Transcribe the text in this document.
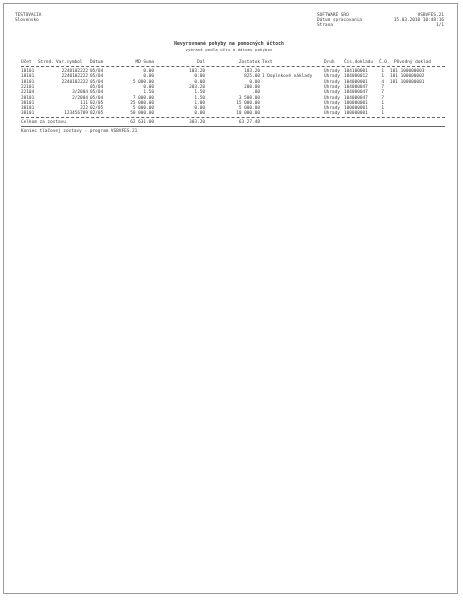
TESTOVACIA
Slovensko
SOFTWARE SRO	VSBVFES.21
Dátum spracovania	15.03.2010 10:48:16
Strana	1/1
Nevyrovnané pohyby na pomocných účtoch
vybrané podľa účtu a dátumu pohybov
Účet Stred. Var.symbol Dátum	MD Sumа	Dal	Zostatok Text	Druh Čís.dokladu Č.O. Pôvodný doklad
18101	2240102222 05/04	0.00	103.20	103.20	Úhrady 104100001	1 101 100000003
18101	2240102222 05/04	0.00	0.00	825.00 1 Doplnkové náklady	Úhrady 104000012	1 101 100000002
18101	2240102222 05/04	5 000.00	0.00	0.00	Úhrady 104000001	4 101 100000001
22101	05/04	0.00	203.20	200.00	Úhrady 104000047	7
22104	3/2004 05/04	1.50	1.50	.00	Úhrady 104000047	7
28101	2/2004 05/04	7 000.00	1.50	3 500.00	Úhrady 104000047	7
38101	111 02/05	25 000.00	1.00	15 000.00	Úhrady 100000001	1
38101	222 02/05	5 000.00	0.00	5 000.00	Úhrady 100000001	1
38101	123456789 02/05	50 000.00	0.00	10 000.00	Úhrady 100000001	1
Celkom za zostavu	62 631.00	303.20	63 27.40
Koniec tlačovej zostavy - program VSBVFES.21
